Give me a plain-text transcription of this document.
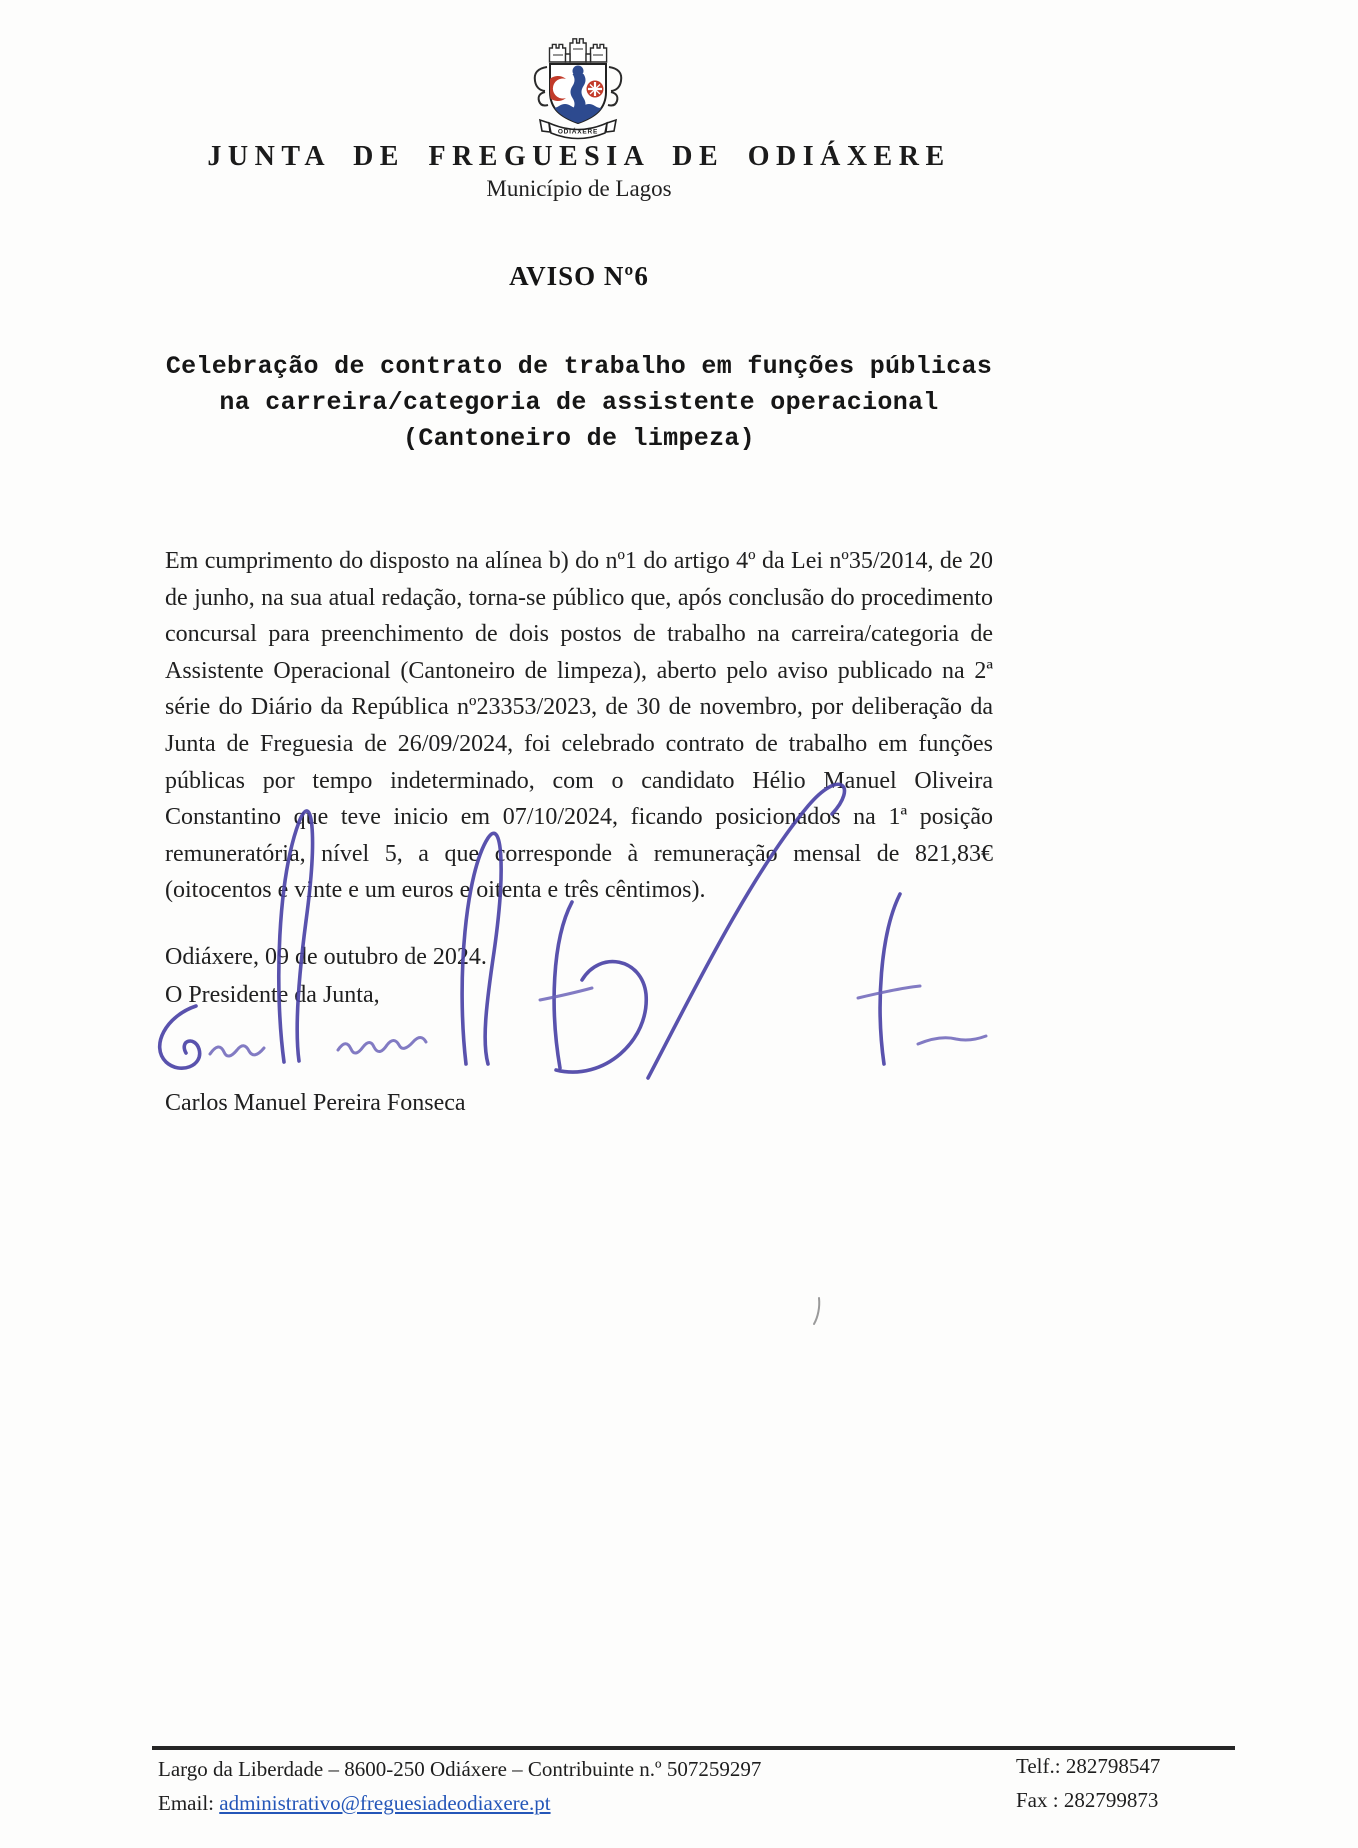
ODIÁXERE
JUNTA DE FREGUESIA DE ODIÁXERE
Município de Lagos
AVISO Nº6
Celebração de contrato de trabalho em funções públicas
na carreira/categoria de assistente operacional
(Cantoneiro de limpeza)

Em cumprimento do disposto na alínea b) do nº1 do artigo 4º da Lei nº35/2014, de 20 de junho, na sua atual redação, torna-se público que, após conclusão do procedimento concursal para preenchimento de dois postos de trabalho na carreira/categoria de Assistente Operacional (Cantoneiro de limpeza), aberto pelo aviso publicado na 2ª série do Diário da República nº23353/2023, de 30 de novembro, por deliberação da Junta de Freguesia de 26/09/2024, foi celebrado contrato de trabalho em funções públicas por tempo indeterminado, com o candidato Hélio Manuel Oliveira Constantino que teve inicio em 07/10/2024, ficando posicionados na 1ª posição remuneratória, nível 5, a que corresponde à remuneração mensal de 821,83€ (oitocentos e vinte e um euros e oitenta e três cêntimos).

Odiáxere, 09 de outubro de 2024.
O Presidente da Junta,
Carlos Manuel Pereira Fonseca
Largo da Liberdade – 8600-250 Odiáxere – Contribuinte n.º 507259297
Email: administrativo@freguesiadeodiaxere.pt
Telf.: 282798547
Fax : 282799873
